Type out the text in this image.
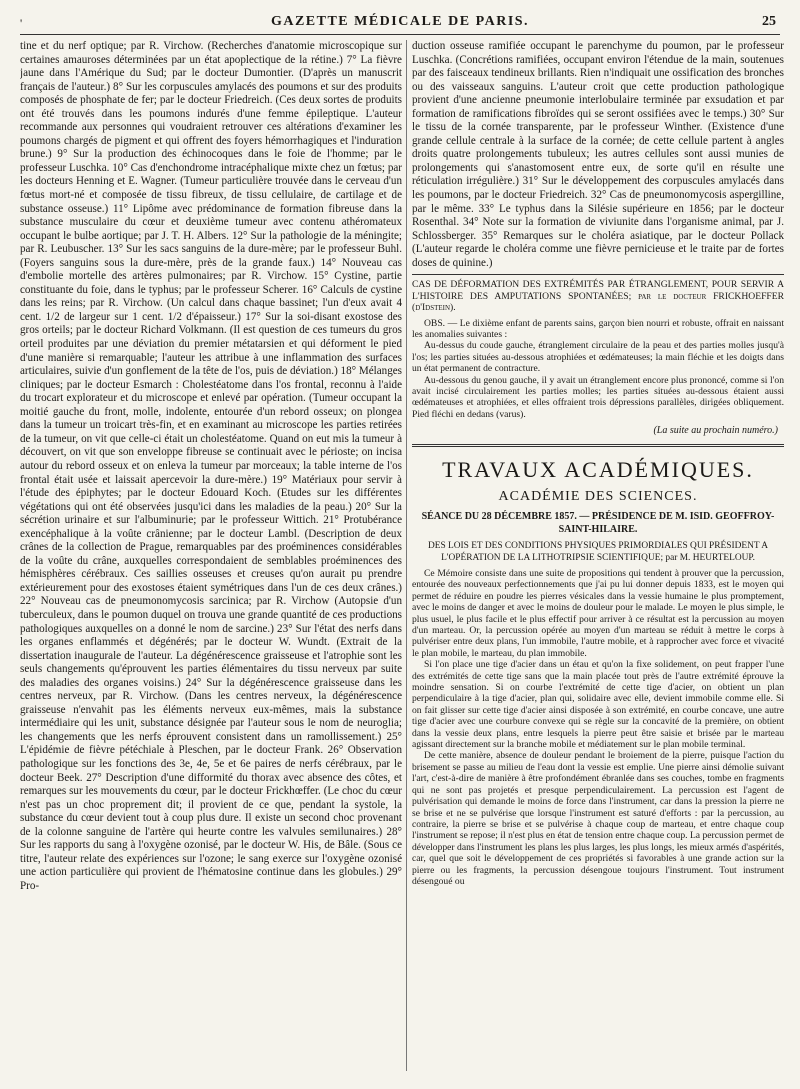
'	GAZETTE MÉDICALE DE PARIS.	25

tine et du nerf optique; par R. Virchow. (Recherches d'anatomie microscopique sur certaines amauroses déterminées par un état apoplectique de la rétine.) 7° La fièvre jaune dans l'Amérique du Sud; par le docteur Dumontier. (D'après un manuscrit français de l'auteur.) 8° Sur les corpuscules amylacés des poumons et sur des produits composés de phosphate de fer; par le docteur Friedreich. (Ces deux sortes de produits ont été trouvés dans les poumons indurés d'une femme épileptique. L'auteur recommande aux personnes qui voudraient retrouver ces altérations d'examiner les poumons chargés de pigment et qui offrent des foyers hémorrhagiques et l'induration brune.) 9° Sur la production des échinocoques dans le foie de l'homme; par le professeur Luschka. 10° Cas d'enchondrome intracéphalique mixte chez un fœtus; par les docteurs Henning et E. Wagner. (Tumeur particulière trouvée dans le cerveau d'un fœtus mort-né et composée de tissu fibreux, de tissu cellulaire, de cartilage et de substance osseuse.) 11° Lipôme avec prédominance de formation fibreuse dans la substance musculaire du cœur et deuxième tumeur avec contenu athéromateux occupant le bulbe aortique; par J. T. H. Albers. 12° Sur la pathologie de la méningite; par R. Leubuscher. 13° Sur les sacs sanguins de la dure-mère; par le professeur Buhl. (Foyers sanguins sous la dure-mère, près de la grande faux.) 14° Nouveau cas d'embolie mortelle des artères pulmonaires; par R. Virchow. 15° Cystine, partie constituante du foie, dans le typhus; par le professeur Scherer. 16° Calculs de cystine dans les reins; par R. Virchow. (Un calcul dans chaque bassinet; l'un d'eux avait 4 cent. 1/2 de largeur sur 1 cent. 1/2 d'épaisseur.) 17° Sur la soi-disant exostose des gros orteils; par le docteur Richard Volkmann. (Il est question de ces tumeurs du gros orteil produites par une déviation du premier métatarsien et qui déforment le pied d'une manière si remarquable; l'auteur les attribue à une inflammation des surfaces articulaires, suivie d'un gonflement de la tête de l'os, puis de déviation.) 18° Mélanges cliniques; par le docteur Esmarch : Cholestéatome dans l'os frontal, reconnu à l'aide du trocart explorateur et du microscope et enlevé par opération. (Tumeur occupant la moitié gauche du front, molle, indolente, entourée d'un rebord osseux; on plongea dans la tumeur un troicart très-fin, et en examinant au microscope les parties retirées de la tumeur, on vit que celle-ci était un cholestéatome. Quand on eut mis la tumeur à découvert, on vit que son enveloppe fibreuse se continuait avec le périoste; on incisa autour du rebord osseux et on enleva la tumeur par morceaux; la table interne de l'os frontal était usée et laissait apercevoir la dure-mère.) 19° Matériaux pour servir à l'étude des épiphytes; par le docteur Edouard Koch. (Etudes sur les différentes végétations qui ont été observées jusqu'ici dans les maladies de la peau.) 20° Sur la sécrétion urinaire et sur l'albuminurie; par le professeur Wittich. 21° Protubérance exencéphalique à la voûte crânienne; par le docteur Lambl. (Description de deux crânes de la collection de Prague, remarquables par des proéminences considérables de la voûte du crâne, auxquelles correspondaient de semblables proéminences des hémisphères cérébraux. Ces saillies osseuses et creuses qu'on aurait pu prendre extérieurement pour des exostoses étaient symétriques dans l'un de ces deux crânes.) 22° Nouveau cas de pneumonomycosis sarcinica; par R. Virchow (Autopsie d'un tuberculeux, dans le poumon duquel on trouva une grande quantité de ces productions pathologiques auxquelles on a donné le nom de sarcine.) 23° Sur l'état des nerfs dans les organes enflammés et dégénérés; par le docteur W. Wundt. (Extrait de la dissertation inaugurale de l'auteur. La dégénérescence graisseuse et l'atrophie sont les seuls changements qu'éprouvent les parties élémentaires du tissu nerveux par suite des maladies des organes voisins.) 24° Sur la dégénérescence graisseuse dans les centres nerveux, par R. Virchow. (Dans les centres nerveux, la dégénérescence graisseuse n'envahit pas les éléments nerveux eux-mêmes, mais la substance intermédiaire qui les unit, substance désignée par l'auteur sous le nom de neuroglia; les changements que les nerfs éprouvent consistent dans un ramollissement.) 25° L'épidémie de fièvre pétéchiale à Pleschen, par le docteur Frank. 26° Observation pathologique sur les fonctions des 3e, 4e, 5e et 6e paires de nerfs cérébraux, par le docteur Beek. 27° Description d'une difformité du thorax avec absence des côtes, et remarques sur les mouvements du cœur, par le docteur Frickhœffer. (Le choc du cœur n'est pas un choc proprement dit; il provient de ce que, pendant la systole, la substance du cœur devient tout à coup plus dure. Il existe un second choc provenant de la colonne sanguine de l'artère qui heurte contre les valvules semilunaires.) 28° Sur les rapports du sang à l'oxygène ozonisé, par le docteur W. His, de Bâle. (Sous ce titre, l'auteur relate des expériences sur l'ozone; le sang exerce sur l'oxygène ozonisé une action particulière qui provient de l'hématosine continue dans les globules.) 29° Pro-

duction osseuse ramifiée occupant le parenchyme du poumon, par le professeur Luschka. (Concrétions ramifiées, occupant environ l'étendue de la main, soutenues par des faisceaux tendineux brillants. Rien n'indiquait une ossification des bronches ou des vaisseaux sanguins. L'auteur croit que cette production pathologique provient d'une ancienne pneumonie interlobulaire terminée par exsudation et par formation de ramifications fibroïdes qui se seront ossifiées avec le temps.) 30° Sur le tissu de la cornée transparente, par le professeur Winther. (Existence d'une grande cellule centrale à la surface de la cornée; de cette cellule partent à angles droits quatre prolongements tubuleux; les autres cellules sont aussi munies de prolongements qui s'anastomosent entre eux, de sorte qu'il en résulte une réticulation irrégulière.) 31° Sur le développement des corpuscules amylacés dans les poumons, par le docteur Friedreich. 32° Cas de pneumonomycosis aspergilline, par le même. 33° Le typhus dans la Silésie supérieure en 1856; par le docteur Rosenthal. 34° Note sur la formation de viviunite dans l'organisme animal, par J. Schlossberger. 35° Remarques sur le choléra asiatique, par le docteur Pollack (L'auteur regarde le choléra comme une fièvre pernicieuse et le traite par de fortes doses de quinine.)

CAS DE DÉFORMATION DES EXTRÉMITÉS PAR ÉTRANGLEMENT, POUR SERVIR A L'HISTOIRE DES AMPUTATIONS SPONTANÉES; par le docteur FRICKHOEFFER (d'Idstein).

OBS. — Le dixième enfant de parents sains, garçon bien nourri et robuste, offrait en naissant les anomalies suivantes :

Au-dessus du coude gauche, étranglement circulaire de la peau et des parties molles jusqu'à l'os; les parties situées au-dessous atrophiées et œdémateuses; la main fléchie et les doigts dans un état permanent de contracture.

Au-dessous du genou gauche, il y avait un étranglement encore plus prononcé, comme si l'on avait incisé circulairement les parties molles; les parties situées au-dessous étaient aussi œdémateuses et atrophiées, et elles offraient trois dépressions parallèles, dirigées obliquement. Pied fléchi en dedans (varus).

(La suite au prochain numéro.)

TRAVAUX ACADÉMIQUES.
ACADÉMIE DES SCIENCES.

SÉANCE DU 28 DÉCEMBRE 1857. — PRÉSIDENCE DE M. ISID. GEOFFROY-SAINT-HILAIRE.

DES LOIS ET DES CONDITIONS PHYSIQUES PRIMORDIALES QUI PRÉSIDENT A L'OPÉRATION DE LA LITHOTRIPSIE SCIENTIFIQUE; par M. HEURTELOUP.

Ce Mémoire consiste dans une suite de propositions qui tendent à prouver que la percussion, entourée des nouveaux perfectionnements que j'ai pu lui donner depuis 1833, est le moyen qui permet de réduire en poudre les pierres vésicales dans la vessie humaine le plus promptement, avec le moins de danger et avec le moins de douleur pour le malade. Le moyen le plus simple, le plus usuel, le plus facile et le plus effectif pour arriver à ce résultat est la percussion au moyen d'un marteau. Or, la percussion opérée au moyen d'un marteau se réduit à mettre le corps à pulvériser entre deux plans, l'un immobile, l'autre mobile, et à rapprocher avec force et vivacité le plan mobile, le marteau, du plan immobile.

Si l'on place une tige d'acier dans un étau et qu'on la fixe solidement, on peut frapper l'une des extrémités de cette tige sans que la main placée tout près de l'autre extrémité éprouve la moindre sensation. Si on courbe l'extrémité de cette tige d'acier, on obtient un plan perpendiculaire à la tige d'acier, plan qui, solidaire avec elle, devient immobile comme elle. Si on fait glisser sur cette tige d'acier ainsi disposée à son extrémité, en courbe concave, une autre tige d'acier avec une courbure convexe qui se règle sur la concavité de la première, on obtient dans la vessie deux plans, entre lesquels la pierre peut être saisie et brisée par le marteau agissant directement sur la branche mobile et médiatement sur le plan mobile terminal.

De cette manière, absence de douleur pendant le broiement de la pierre, puisque l'action du brisement se passe au milieu de l'eau dont la vessie est emplie. Une pierre ainsi démolie suivant l'art, c'est-à-dire de manière à être profondément ébranlée dans ses couches, tombe en fragments qui ne sont pas projetés et presque perpendiculairement. La percussion est l'agent de pulvérisation qui demande le moins de force dans l'instrument, car dans la pression la pierre ne se brise et ne se pulvérise que lorsque l'instrument est saturé d'efforts : par la percussion, au contraire, la pierre se brise et se pulvérise à chaque coup de marteau, et entre chaque coup l'instrument se repose; il n'est plus en état de tension entre chaque coup. La percussion permet de développer dans l'instrument les plans les plus larges, les plus longs, les mieux armés d'aspérités, car, quel que soit le développement de ces propriétés si favorables à une grande action sur la pierre ou les fragments, la percussion désengoue toujours l'instrument. Tout instrument désengoué ou
